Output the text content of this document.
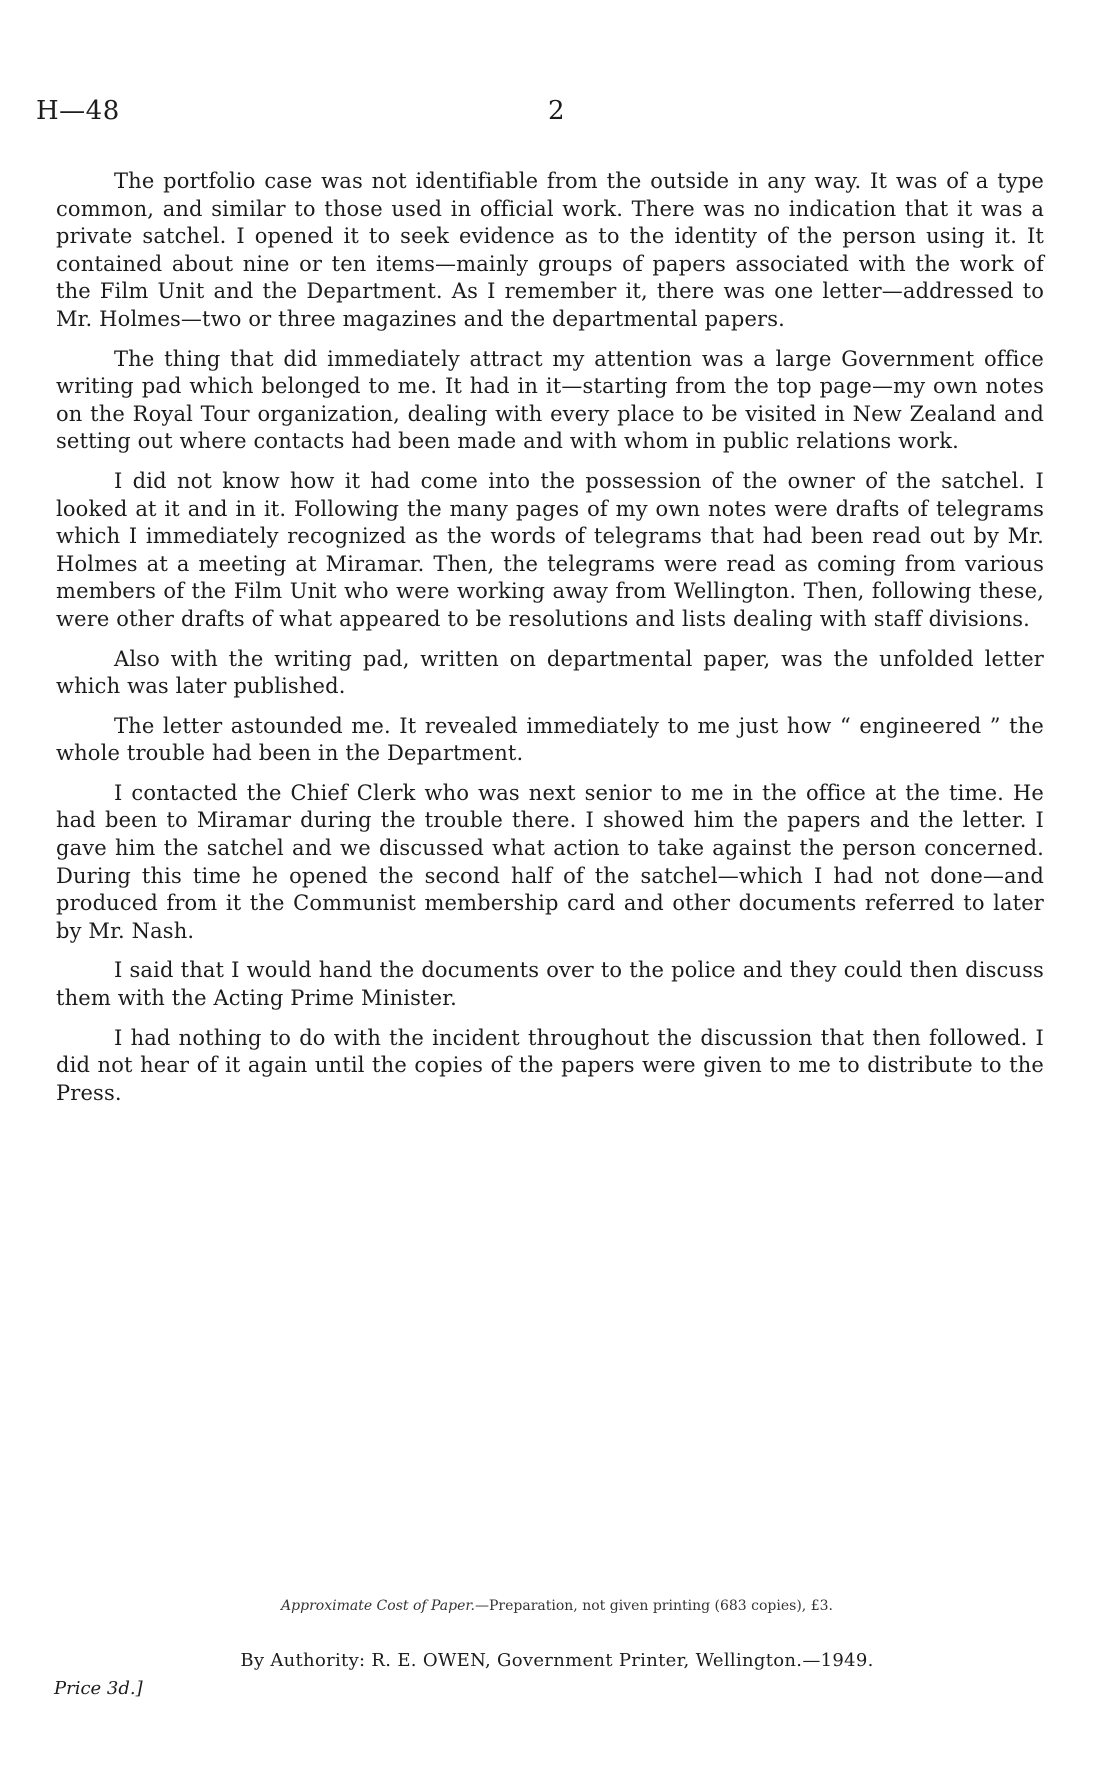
H—48	2

The portfolio case was not identifiable from the outside in any way. It was of a type common, and similar to those used in official work. There was no indication that it was a private satchel. I opened it to seek evidence as to the identity of the person using it. It contained about nine or ten items—mainly groups of papers associated with the work of the Film Unit and the Department. As I remember it, there was one letter—addressed to Mr. Holmes—two or three magazines and the departmental papers.

The thing that did immediately attract my attention was a large Government office writing pad which belonged to me. It had in it—starting from the top page—my own notes on the Royal Tour organization, dealing with every place to be visited in New Zealand and setting out where contacts had been made and with whom in public relations work.

I did not know how it had come into the possession of the owner of the satchel. I looked at it and in it. Following the many pages of my own notes were drafts of telegrams which I immediately recognized as the words of telegrams that had been read out by Mr. Holmes at a meeting at Miramar. Then, the telegrams were read as coming from various members of the Film Unit who were working away from Wellington. Then, following these, were other drafts of what appeared to be resolutions and lists dealing with staff divisions.

Also with the writing pad, written on departmental paper, was the unfolded letter which was later published.

The letter astounded me. It revealed immediately to me just how “ engineered ” the whole trouble had been in the Department.

I contacted the Chief Clerk who was next senior to me in the office at the time. He had been to Miramar during the trouble there. I showed him the papers and the letter. I gave him the satchel and we discussed what action to take against the person concerned. During this time he opened the second half of the satchel—which I had not done—and produced from it the Communist membership card and other documents referred to later by Mr. Nash.

I said that I would hand the documents over to the police and they could then discuss them with the Acting Prime Minister.

I had nothing to do with the incident throughout the discussion that then followed. I did not hear of it again until the copies of the papers were given to me to distribute to the Press.

Approximate Cost of Paper.—Preparation, not given printing (683 copies), £3.
By Authority: R. E. OWEN, Government Printer, Wellington.—1949.
Price 3d.]
